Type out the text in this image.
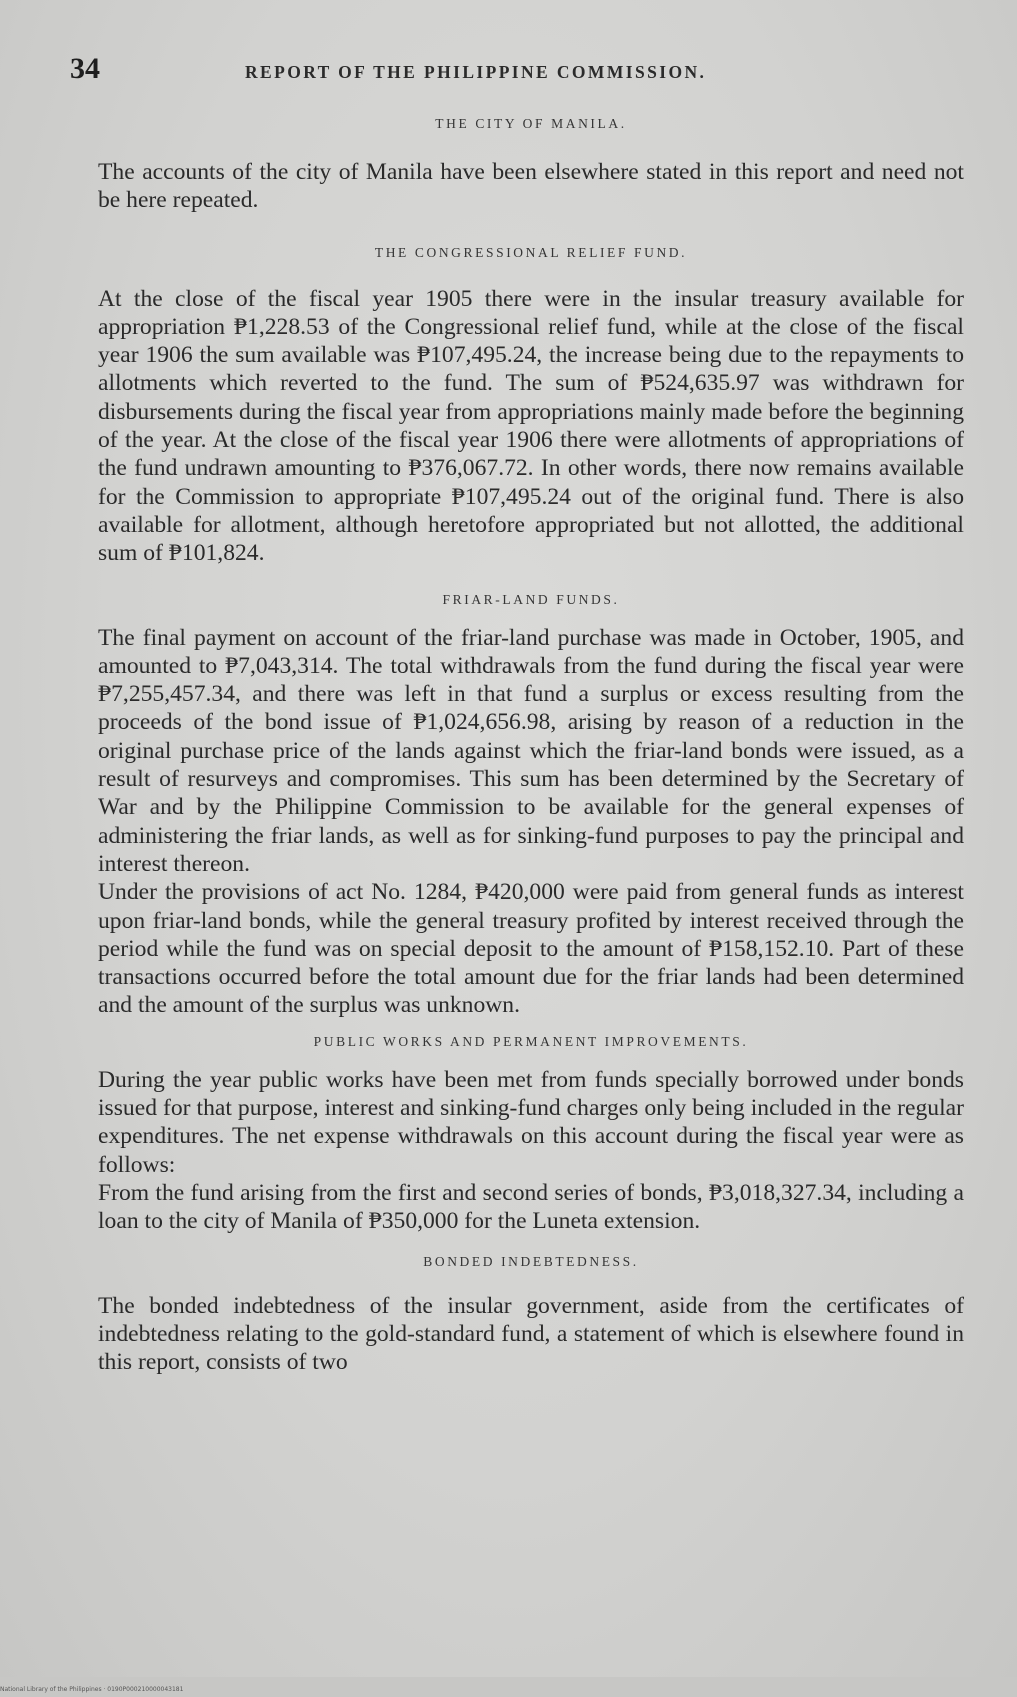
34	REPORT OF THE PHILIPPINE COMMISSION.
THE CITY OF MANILA.

The accounts of the city of Manila have been elsewhere stated in this report and need not be here repeated.

THE CONGRESSIONAL RELIEF FUND.

At the close of the fiscal year 1905 there were in the insular treasury available for appropriation ₱1,228.53 of the Congressional relief fund, while at the close of the fiscal year 1906 the sum available was ₱107,495.24, the increase being due to the repayments to allotments which reverted to the fund. The sum of ₱524,635.97 was withdrawn for disbursements during the fiscal year from appropriations mainly made before the beginning of the year. At the close of the fiscal year 1906 there were allotments of appropriations of the fund undrawn amounting to ₱376,067.72. In other words, there now remains available for the Commission to appropriate ₱107,495.24 out of the original fund. There is also available for allotment, although heretofore appropriated but not allotted, the additional sum of ₱101,824.

FRIAR-LAND FUNDS.

The final payment on account of the friar-land purchase was made in October, 1905, and amounted to ₱7,043,314. The total withdrawals from the fund during the fiscal year were ₱7,255,457.34, and there was left in that fund a surplus or excess resulting from the proceeds of the bond issue of ₱1,024,656.98, arising by reason of a reduction in the original purchase price of the lands against which the friar-land bonds were issued, as a result of resurveys and compromises. This sum has been determined by the Secretary of War and by the Philippine Commission to be available for the general expenses of administering the friar lands, as well as for sinking-fund purposes to pay the principal and interest thereon.

Under the provisions of act No. 1284, ₱420,000 were paid from general funds as interest upon friar-land bonds, while the general treasury profited by interest received through the period while the fund was on special deposit to the amount of ₱158,152.10. Part of these transactions occurred before the total amount due for the friar lands had been determined and the amount of the surplus was unknown.

PUBLIC WORKS AND PERMANENT IMPROVEMENTS.

During the year public works have been met from funds specially borrowed under bonds issued for that purpose, interest and sinking-fund charges only being included in the regular expenditures. The net expense withdrawals on this account during the fiscal year were as follows:

From the fund arising from the first and second series of bonds, ₱3,018,327.34, including a loan to the city of Manila of ₱350,000 for the Luneta extension.

BONDED INDEBTEDNESS.

The bonded indebtedness of the insular government, aside from the certificates of indebtedness relating to the gold-standard fund, a statement of which is elsewhere found in this report, consists of two

National Library of the Philippines · 0190P000210000043181
